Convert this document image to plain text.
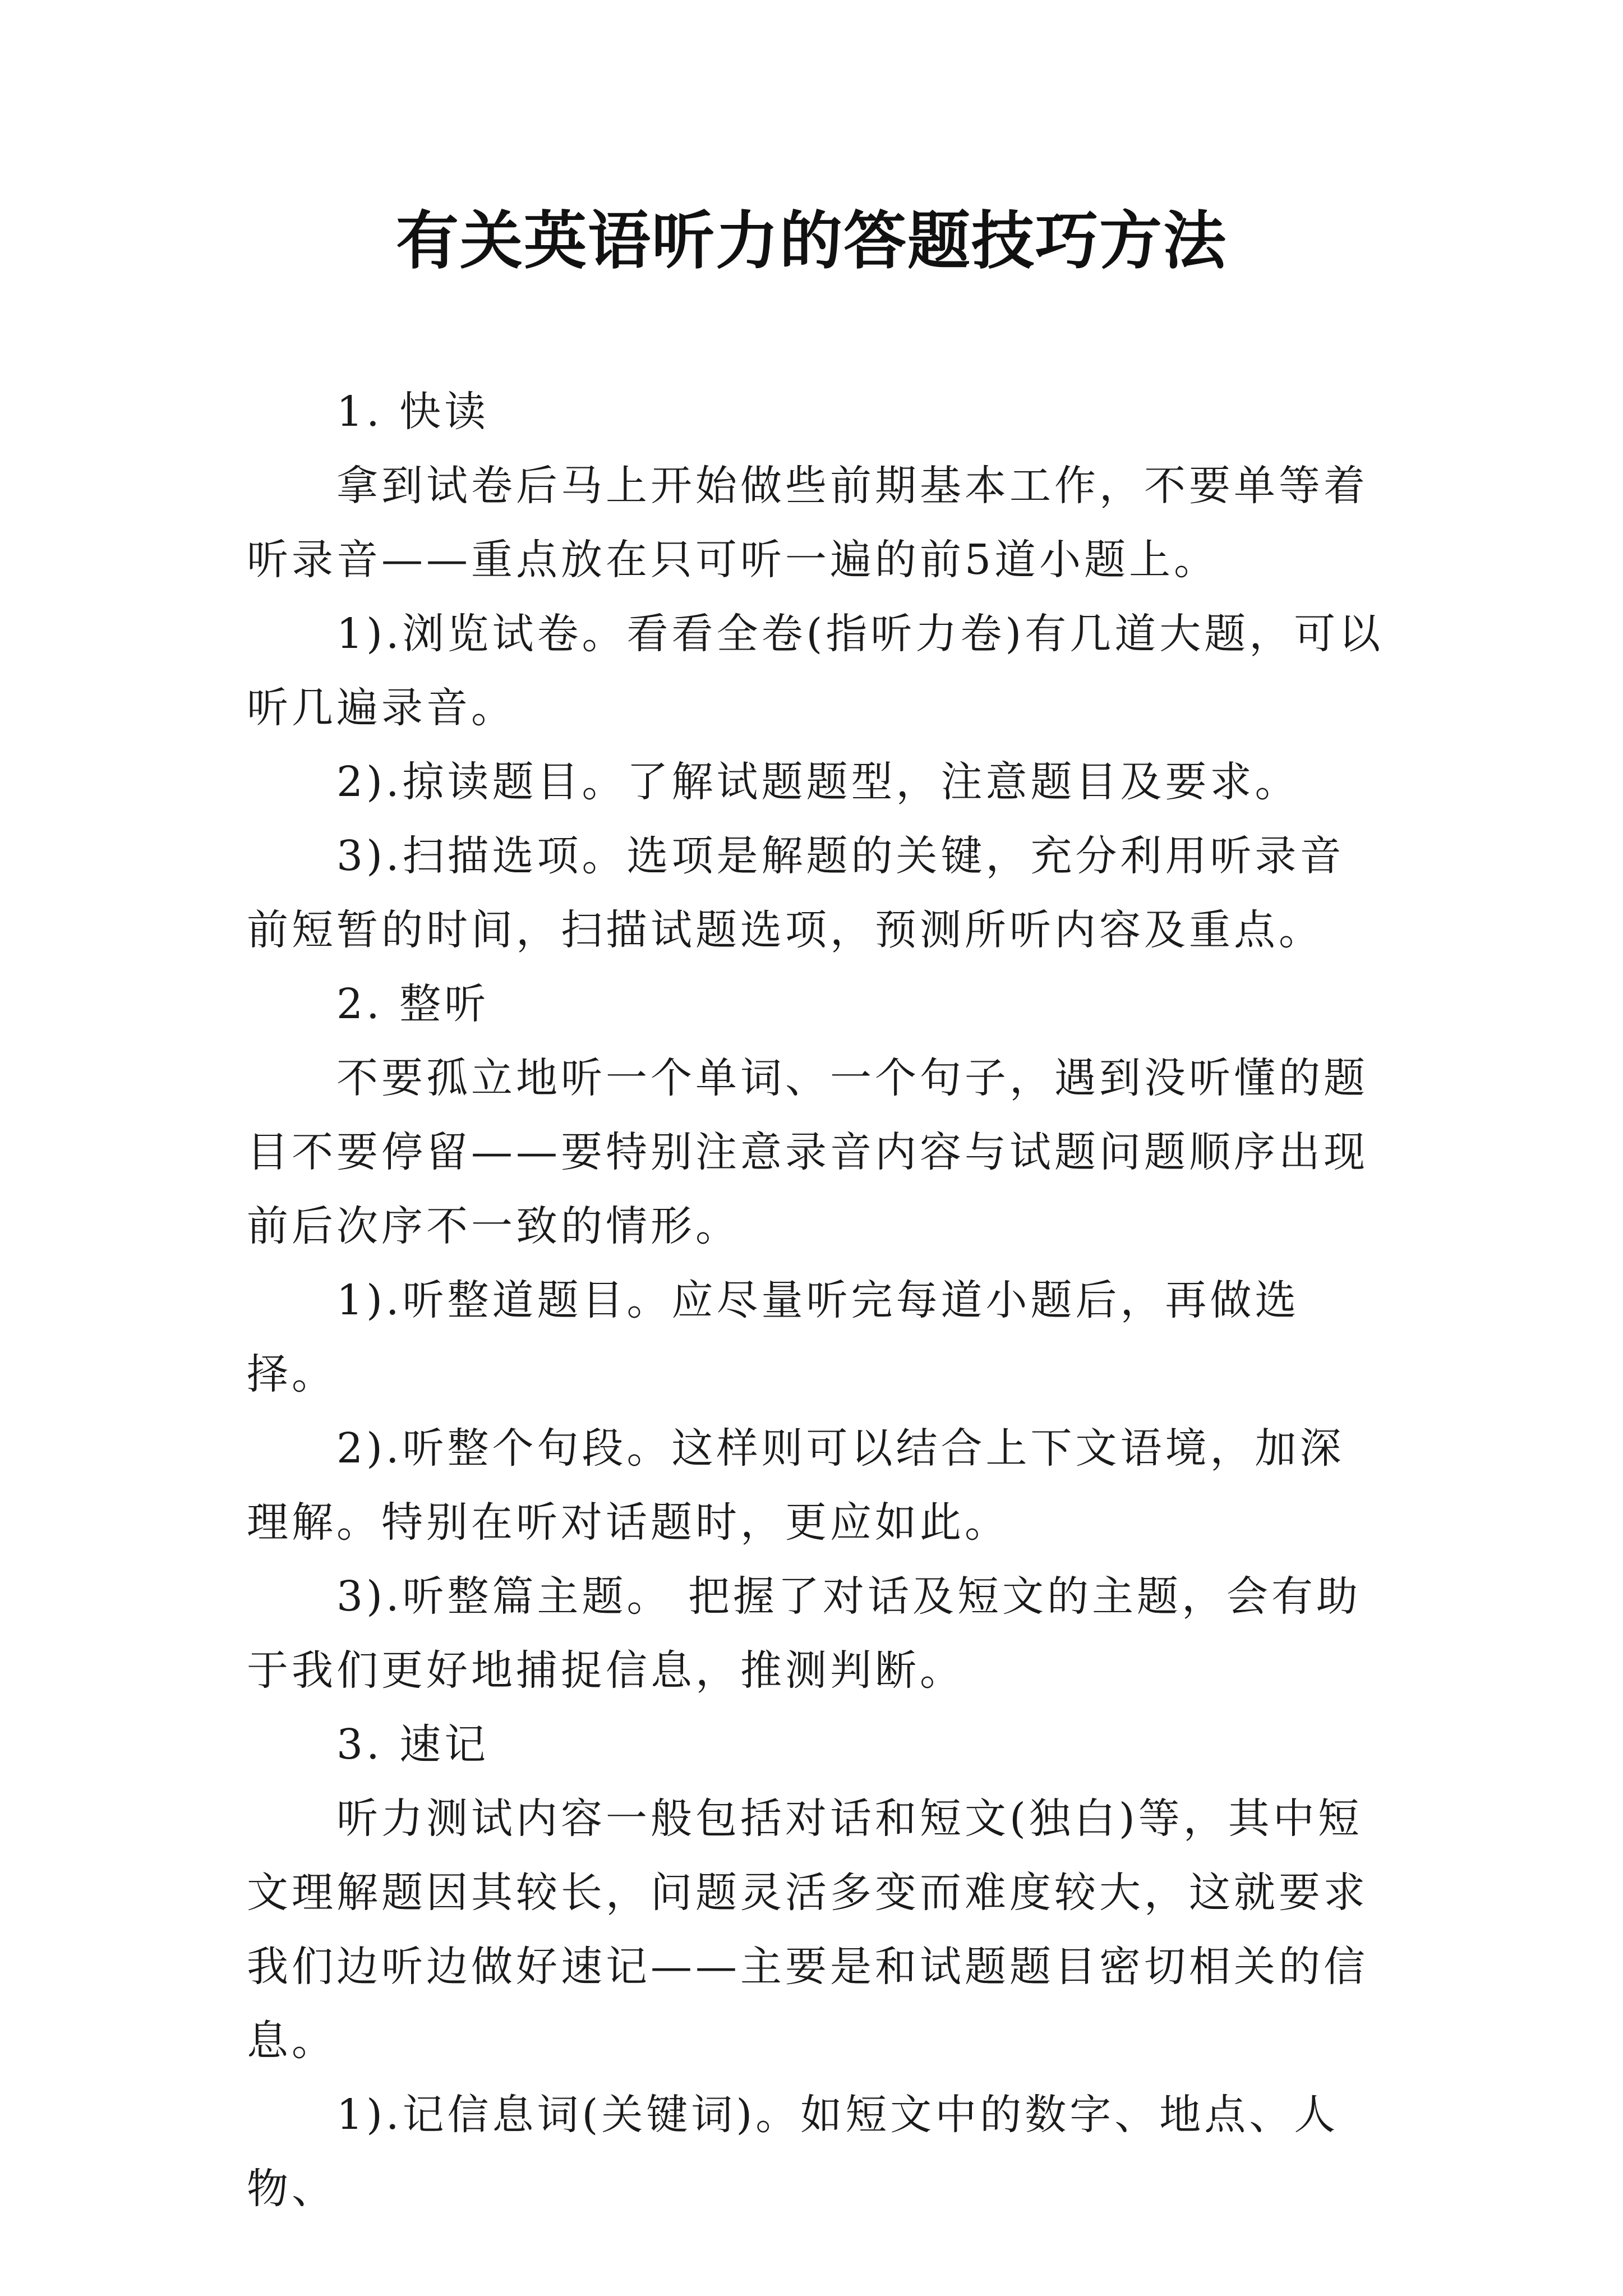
有关英语听力的答题技巧方法

1. 快读

拿到试卷后马上开始做些前期基本工作，不要单等着听录音——重点放在只可听一遍的前5道小题上。

1).浏览试卷。看看全卷(指听力卷)有几道大题，可以听几遍录音。

2).掠读题目。了解试题题型，注意题目及要求。

3).扫描选项。选项是解题的关键，充分利用听录音前短暂的时间，扫描试题选项，预测所听内容及重点。

2. 整听

不要孤立地听一个单词、一个句子，遇到没听懂的题目不要停留——要特别注意录音内容与试题问题顺序出现前后次序不一致的情形。

1).听整道题目。应尽量听完每道小题后，再做选择。

2).听整个句段。这样则可以结合上下文语境，加深理解。特别在听对话题时，更应如此。

3).听整篇主题。 把握了对话及短文的主题，会有助于我们更好地捕捉信息，推测判断。

3. 速记

听力测试内容一般包括对话和短文(独白)等，其中短文理解题因其较长，问题灵活多变而难度较大，这就要求我们边听边做好速记——主要是和试题题目密切相关的信息。

1).记信息词(关键词)。如短文中的数字、地点、人物、
